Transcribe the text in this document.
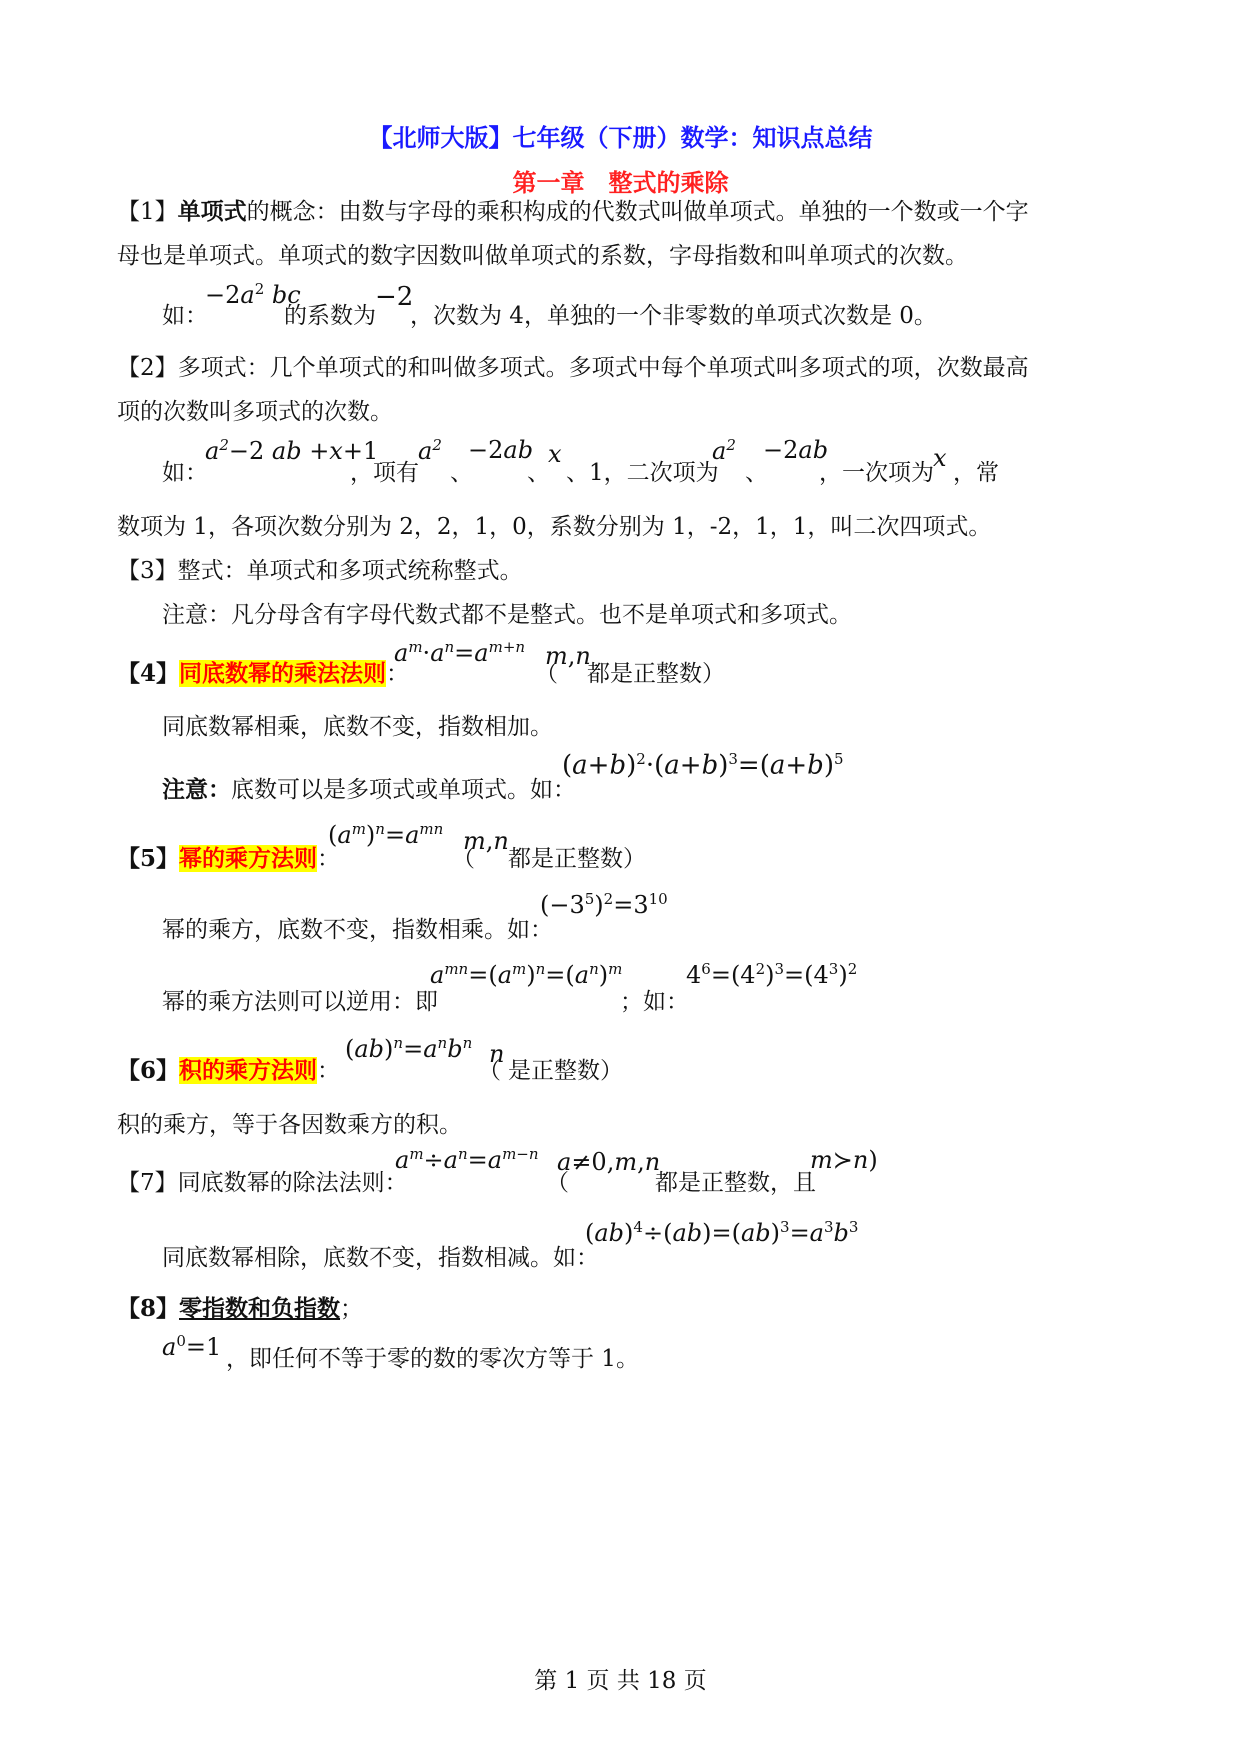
【北师大版】七年级（下册）数学：知识点总结
第一章　整式的乘除
【1】单项式的概念：由数与字母的乘积构成的代数式叫做单项式。单独的一个数或一个字
母也是单项式。单项式的数字因数叫做单项式的系数，字母指数和叫单项式的次数。
如：
$-2a^2$ bc
的系数为
−2
，次数为 4，单独的一个非零数的单项式次数是 0。
【2】多项式：几个单项式的和叫做多项式。多项式中每个单项式叫多项式的项，次数最高
项的次数叫多项式的次数。
如：
$a^2-2$ ab +x+1
，项有
$a^2$
、
−2ab
、
x
、1，二次项为
$a^2$
、
−2ab
，一次项为
x
，常
数项为 1，各项次数分别为 2，2，1，0，系数分别为 1，-2，1，1，叫二次四项式。
【3】整式：单项式和多项式统称整式。
注意：凡分母含有字母代数式都不是整式。也不是单项式和多项式。
【4】同底数幂的乘法法则：
$a^m\cdot a^n=a^{m+n}$
（
m,n
都是正整数）
同底数幂相乘，底数不变，指数相加。
注意：底数可以是多项式或单项式。如：
$(a+b)^2\cdot(a+b)^3=(a+b)^5$
【5】幂的乘方法则：
$(a^m)^n=a^{mn}$
（
m,n
都是正整数）
幂的乘方，底数不变，指数相乘。如：
$(-3^5)^2=3^{10}$
幂的乘方法则可以逆用：即
$a^{mn}=(a^m)^n=(a^n)^m$
；如：
$4^6=(4^2)^3=(4^3)^2$
【6】积的乘方法则：
$(ab)^n=a^nb^n$
（
n
是正整数）
积的乘方，等于各因数乘方的积。
【7】同底数幂的除法法则：
$a^m\div a^n=a^{m-n}$
（
a≠0,m,n
都是正整数，且
m≻n)
同底数幂相除，底数不变，指数相减。如：
$(ab)^4\div(ab)=(ab)^3=a^3b^3$
【8】零指数和负指数；
$a^0=1$ ，即任何不等于零的数的零次方等于 1。
第 1 页 共 18 页
